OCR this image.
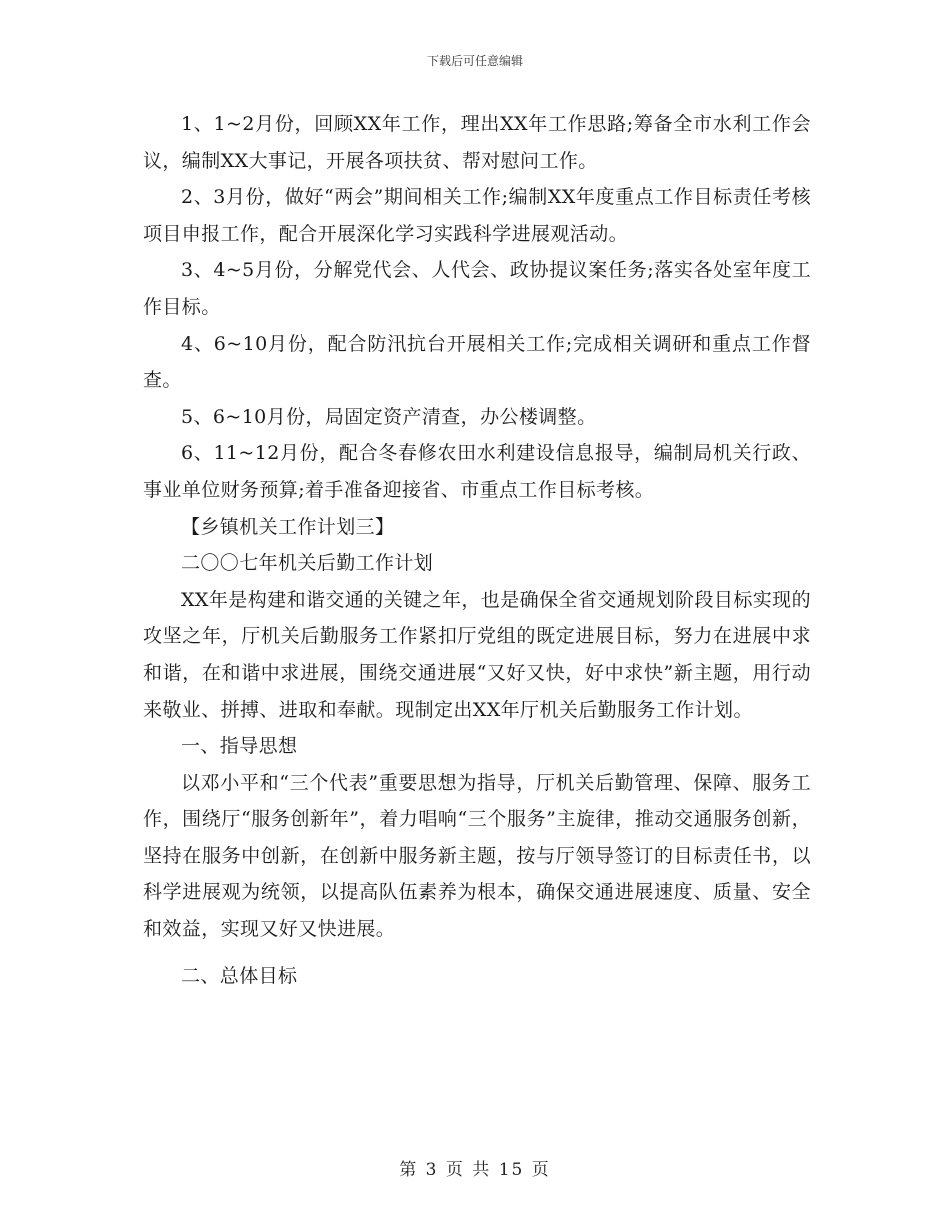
下载后可任意编辑

1、1~2月份，回顾XX年工作，理出XX年工作思路;筹备全市水利工作会议，编制XX大事记，开展各项扶贫、帮对慰问工作。

2、3月份，做好“两会”期间相关工作;编制XX年度重点工作目标责任考核项目申报工作，配合开展深化学习实践科学进展观活动。

3、4~5月份，分解党代会、人代会、政协提议案任务;落实各处室年度工作目标。

4、6~10月份，配合防汛抗台开展相关工作;完成相关调研和重点工作督查。

5、6~10月份，局固定资产清查，办公楼调整。

6、11~12月份，配合冬春修农田水利建设信息报导，编制局机关行政、事业单位财务预算;着手准备迎接省、市重点工作目标考核。

【乡镇机关工作计划三】

二〇〇七年机关后勤工作计划

XX年是构建和谐交通的关键之年，也是确保全省交通规划阶段目标实现的攻坚之年，厅机关后勤服务工作紧扣厅党组的既定进展目标，努力在进展中求和谐，在和谐中求进展，围绕交通进展“又好又快，好中求快”新主题，用行动来敬业、拼搏、进取和奉献。现制定出XX年厅机关后勤服务工作计划。

一、指导思想

以邓小平和“三个代表”重要思想为指导，厅机关后勤管理、保障、服务工作，围绕厅“服务创新年”，着力唱响“三个服务”主旋律，推动交通服务创新，坚持在服务中创新，在创新中服务新主题，按与厅领导签订的目标责任书，以科学进展观为统领，以提高队伍素养为根本，确保交通进展速度、质量、安全和效益，实现又好又快进展。

二、总体目标

第 3 页 共 15 页
